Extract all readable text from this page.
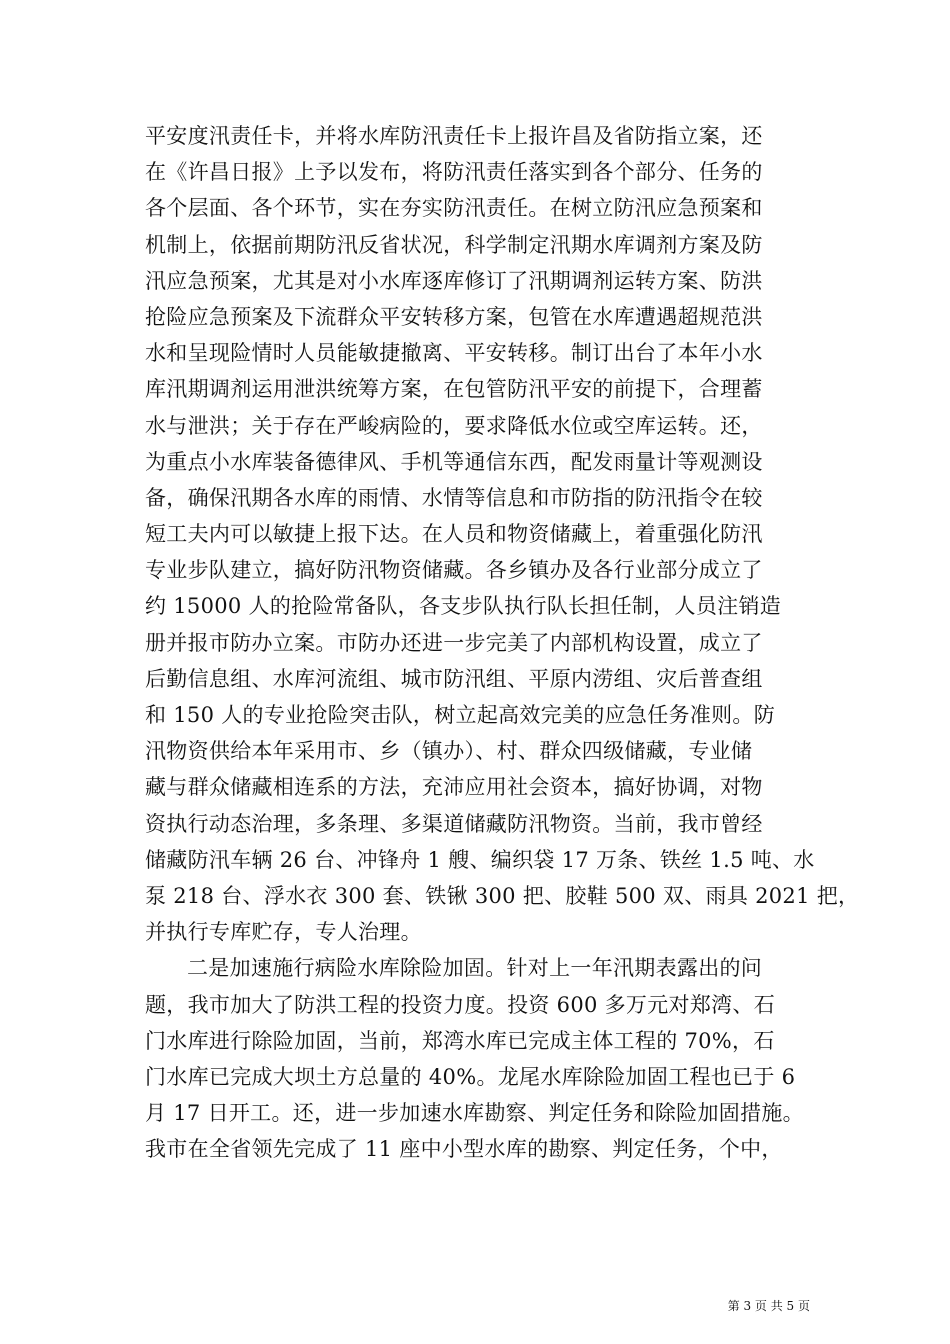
平安度汛责任卡，并将水库防汛责任卡上报许昌及省防指立案，还
在《许昌日报》上予以发布，将防汛责任落实到各个部分、任务的
各个层面、各个环节，实在夯实防汛责任。在树立防汛应急预案和
机制上，依据前期防汛反省状况，科学制定汛期水库调剂方案及防
汛应急预案，尤其是对小水库逐库修订了汛期调剂运转方案、防洪
抢险应急预案及下流群众平安转移方案，包管在水库遭遇超规范洪
水和呈现险情时人员能敏捷撤离、平安转移。制订出台了本年小水
库汛期调剂运用泄洪统筹方案，在包管防汛平安的前提下，合理蓄
水与泄洪；关于存在严峻病险的，要求降低水位或空库运转。还，
为重点小水库装备德律风、手机等通信东西，配发雨量计等观测设
备，确保汛期各水库的雨情、水情等信息和市防指的防汛指令在较
短工夫内可以敏捷上报下达。在人员和物资储藏上，着重强化防汛
专业步队建立，搞好防汛物资储藏。各乡镇办及各行业部分成立了
约 15000 人的抢险常备队，各支步队执行队长担任制，人员注销造
册并报市防办立案。市防办还进一步完美了内部机构设置，成立了
后勤信息组、水库河流组、城市防汛组、平原内涝组、灾后普查组
和 150 人的专业抢险突击队，树立起高效完美的应急任务准则。防
汛物资供给本年采用市、乡（镇办）、村、群众四级储藏，专业储
藏与群众储藏相连系的方法，充沛应用社会资本，搞好协调，对物
资执行动态治理，多条理、多渠道储藏防汛物资。当前，我市曾经
储藏防汛车辆 26 台、冲锋舟 1 艘、编织袋 17 万条、铁丝 1.5 吨、水
泵 218 台、浮水衣 300 套、铁锹 300 把、胶鞋 500 双、雨具 2021 把，
并执行专库贮存，专人治理。
二是加速施行病险水库除险加固。针对上一年汛期表露出的问
题，我市加大了防洪工程的投资力度。投资 600 多万元对郑湾、石
门水库进行除险加固，当前，郑湾水库已完成主体工程的 70%，石
门水库已完成大坝土方总量的 40%。龙尾水库除险加固工程也已于 6
月 17 日开工。还，进一步加速水库勘察、判定任务和除险加固措施。
我市在全省领先完成了 11 座中小型水库的勘察、判定任务，个中，
第 3 页 共 5 页
